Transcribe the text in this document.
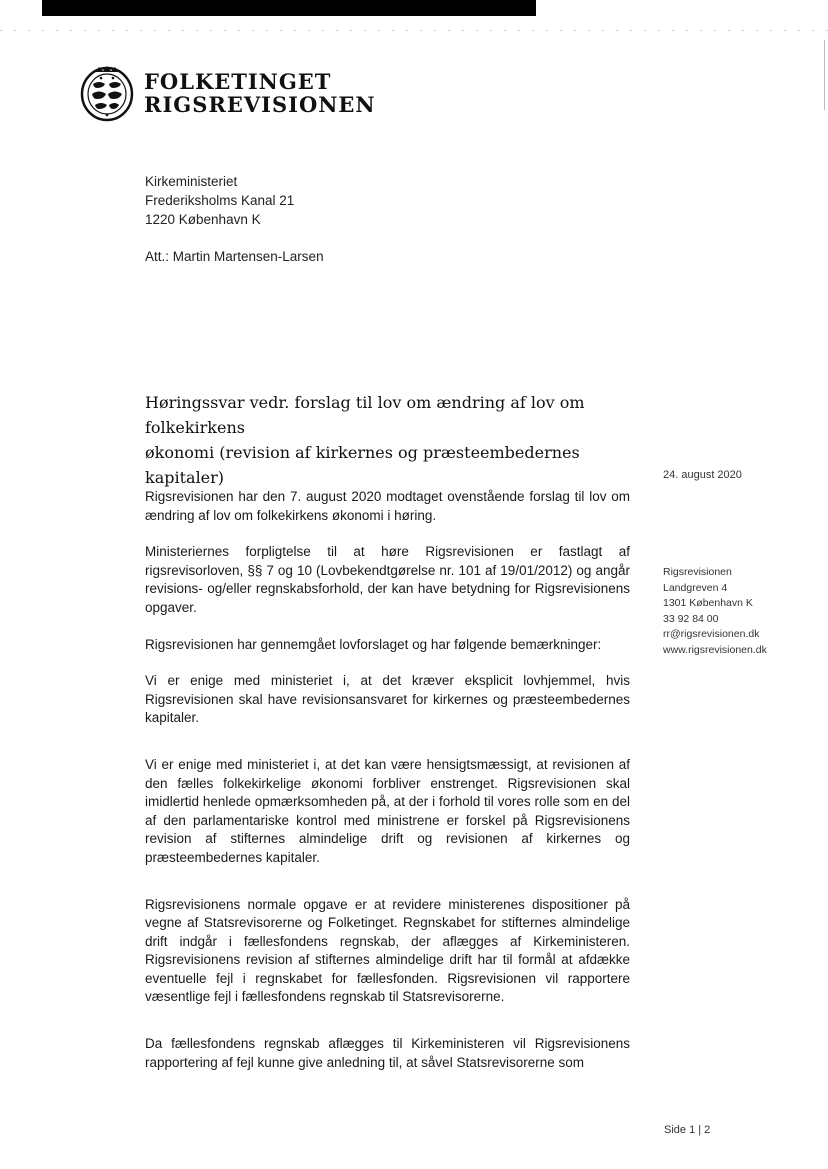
FOLKETINGET
RIGSREVISIONEN
Kirkeministeriet
Frederiksholms Kanal 21
1220 København K
Att.: Martin Martensen-Larsen
Høringssvar vedr. forslag til lov om ændring af lov om folkekirkens
økonomi (revision af kirkernes og præsteembedernes kapitaler)	24. august 2020
Rigsrevisionen
Landgreven 4
1301 København K
33 92 84 00
rr@rigsrevisionen.dk
www.rigsrevisionen.dk

Rigsrevisionen har den 7. august 2020 modtaget ovenstående forslag til lov om ændring af lov om folkekirkens økonomi i høring.

Ministeriernes forpligtelse til at høre Rigsrevisionen er fastlagt af rigsrevisorloven, §§ 7 og 10 (Lovbekendtgørelse nr. 101 af 19/01/2012) og angår revisions- og/eller regnskabsforhold, der kan have betydning for Rigsrevisionens opgaver.

Rigsrevisionen har gennemgået lovforslaget og har følgende bemærkninger:

Vi er enige med ministeriet i, at det kræver eksplicit lovhjemmel, hvis Rigsrevisionen skal have revisionsansvaret for kirkernes og præsteembedernes kapitaler.

Vi er enige med ministeriet i, at det kan være hensigtsmæssigt, at revisionen af den fælles folkekirkelige økonomi forbliver enstrenget. Rigsrevisionen skal imidlertid henlede opmærksomheden på, at der i forhold til vores rolle som en del af den parlamentariske kontrol med ministrene er forskel på Rigsrevisionens revision af stifternes almindelige drift og revisionen af kirkernes og præsteembedernes kapitaler.

Rigsrevisionens normale opgave er at revidere ministerenes dispositioner på vegne af Statsrevisorerne og Folketinget. Regnskabet for stifternes almindelige drift indgår i fællesfondens regnskab, der aflægges af Kirkeministeren. Rigsrevisionens revision af stifternes almindelige drift har til formål at afdække eventuelle fejl i regnskabet for fællesfonden. Rigsrevisionen vil rapportere væsentlige fejl i fællesfondens regnskab til Statsrevisorerne.

Da fællesfondens regnskab aflægges til Kirkeministeren vil Rigsrevisionens rapportering af fejl kunne give anledning til, at såvel Statsrevisorerne som

Side 1 | 2
